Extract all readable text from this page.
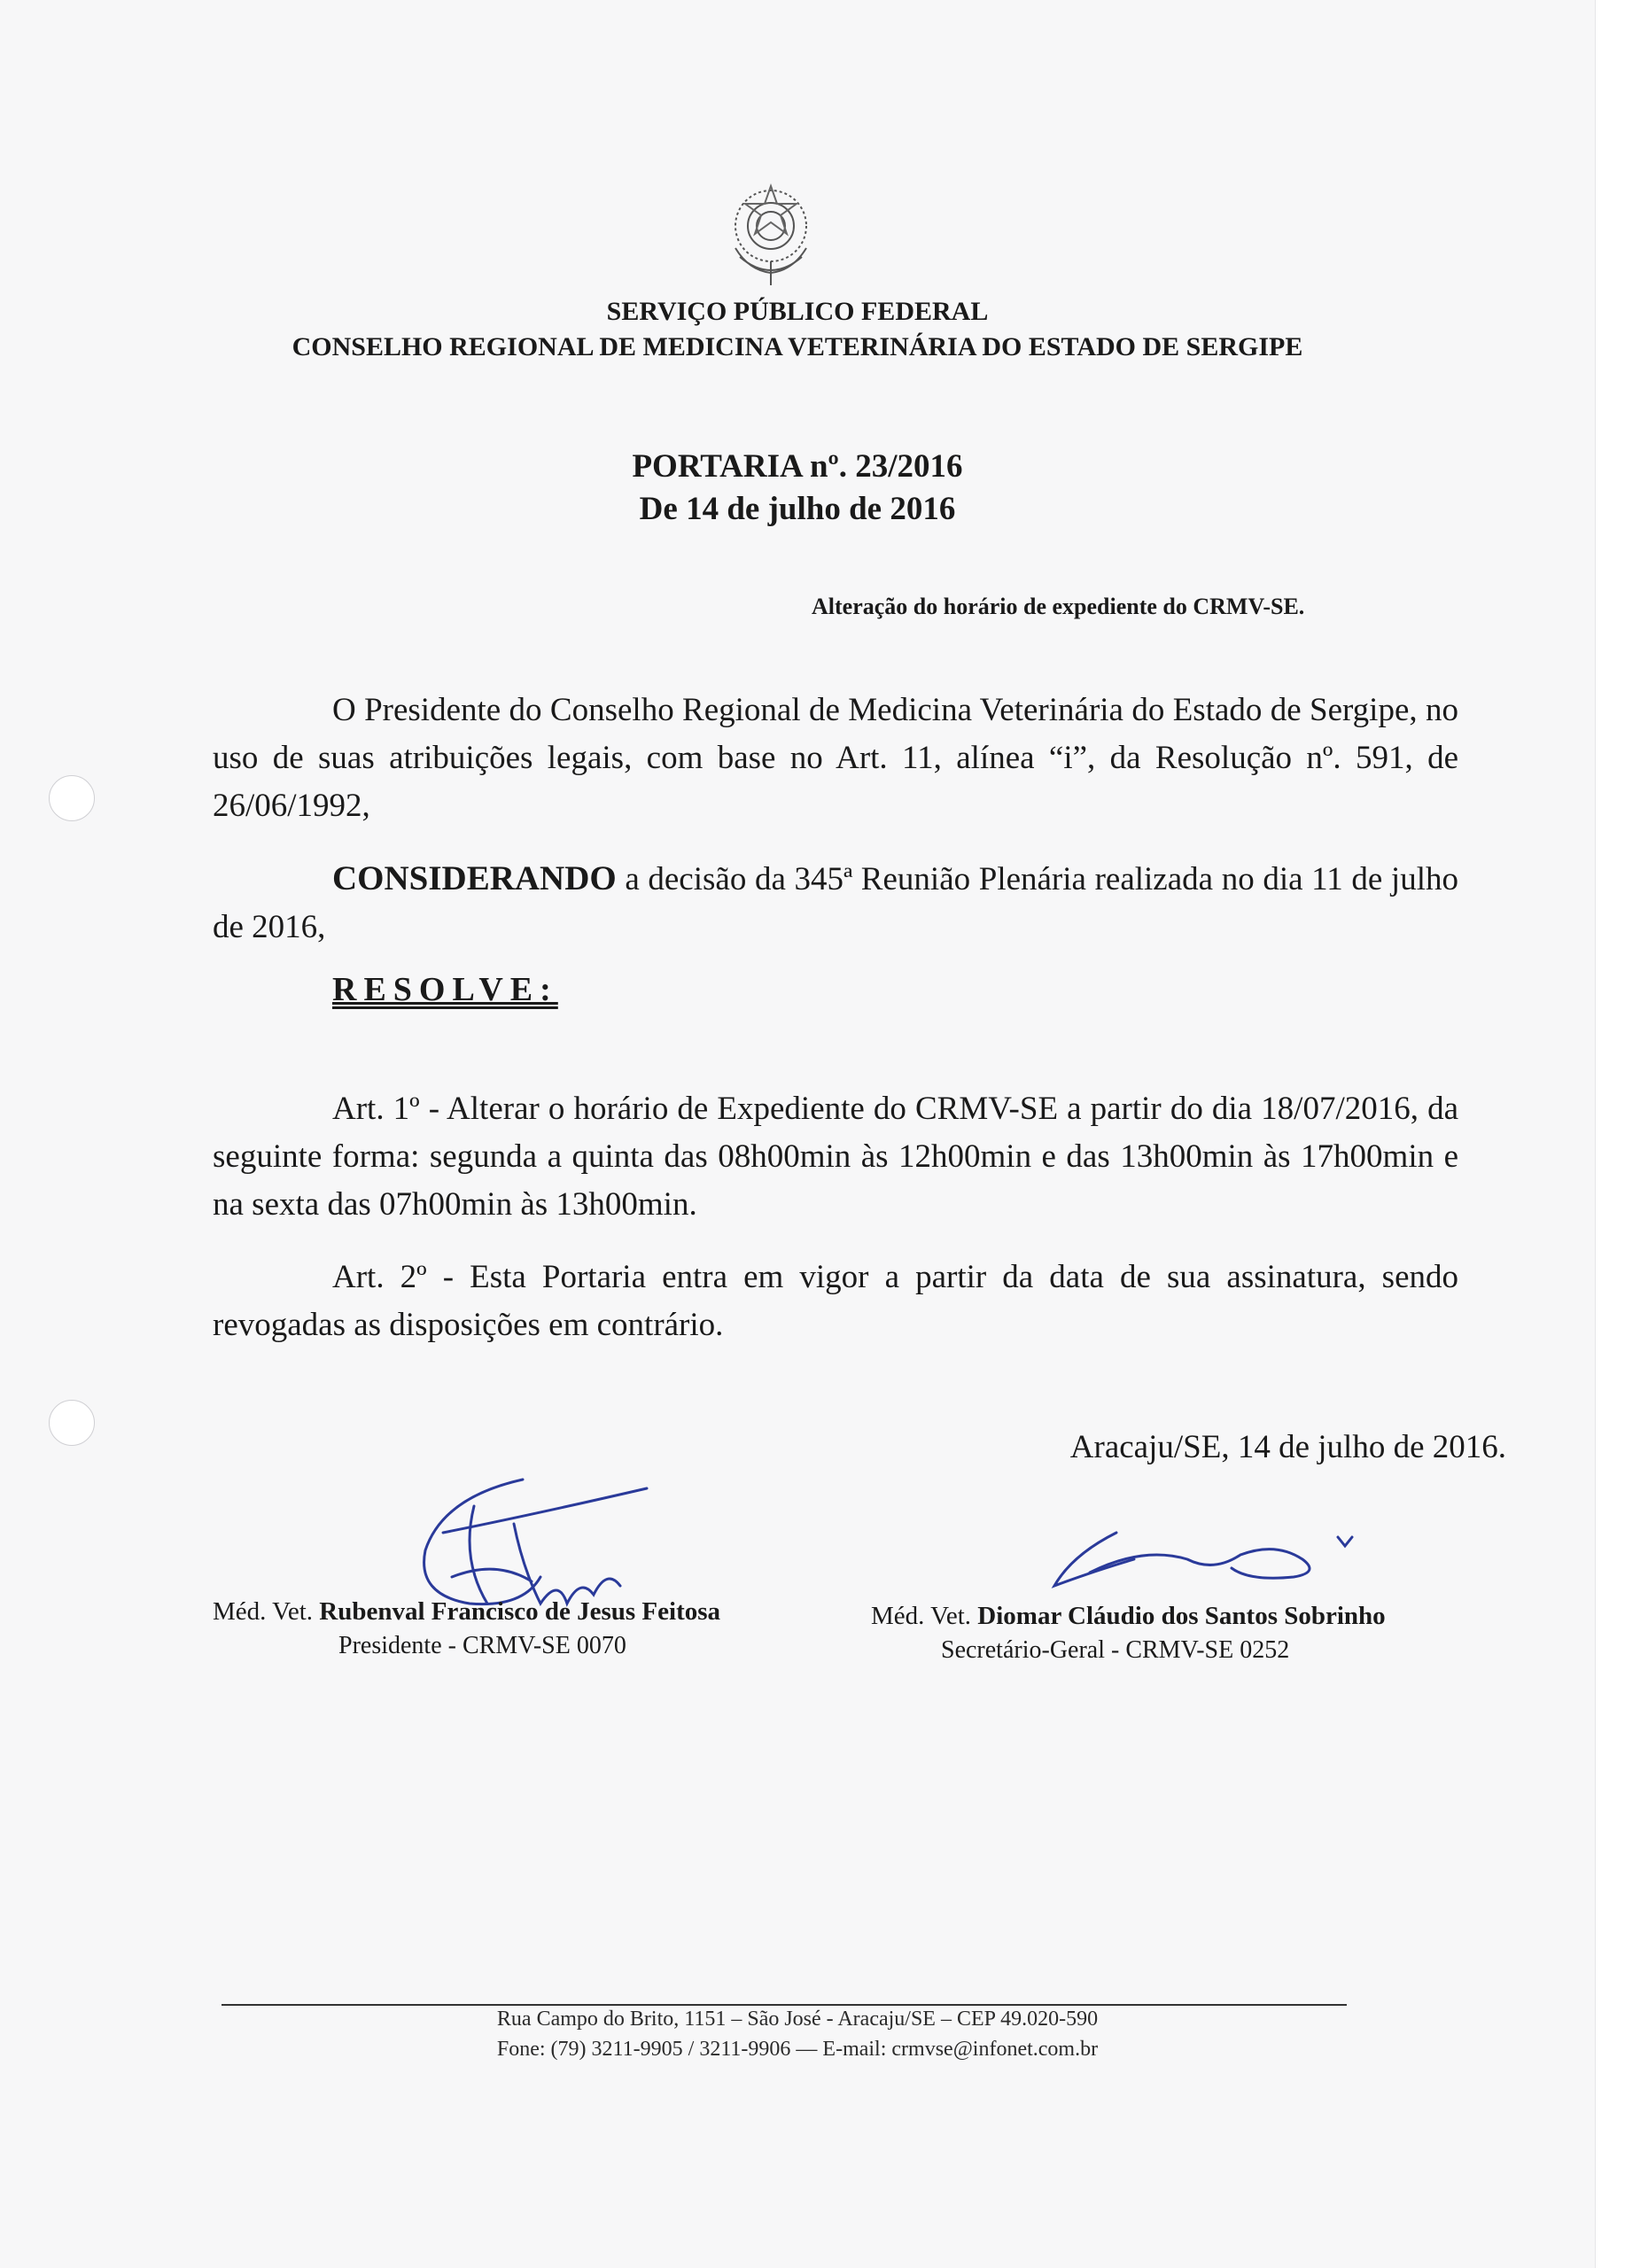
SERVIÇO PÚBLICO FEDERAL
CONSELHO REGIONAL DE MEDICINA VETERINÁRIA DO ESTADO DE SERGIPE
PORTARIA nº. 23/2016
De 14 de julho de 2016
Alteração do horário de expediente do CRMV-SE.
O Presidente do Conselho Regional de Medicina Veterinária do Estado de Sergipe, no uso de suas atribuições legais, com base no Art. 11, alínea “i”, da Resolução nº. 591, de 26/06/1992,
CONSIDERANDO a decisão da 345ª Reunião Plenária realizada no dia 11 de julho de 2016,
RESOLVE:
Art. 1º - Alterar o horário de Expediente do CRMV-SE a partir do dia 18/07/2016, da seguinte forma: segunda a quinta das 08h00min às 12h00min e das 13h00min às 17h00min e na sexta das 07h00min às 13h00min.
Art. 2º - Esta Portaria entra em vigor a partir da data de sua assinatura, sendo revogadas as disposições em contrário.
Aracaju/SE, 14 de julho de 2016.
Méd. Vet. Rubenval Francisco de Jesus Feitosa
Presidente - CRMV-SE 0070
Méd. Vet. Diomar Cláudio dos Santos Sobrinho
Secretário-Geral - CRMV-SE 0252
Rua Campo do Brito, 1151 – São José - Aracaju/SE – CEP 49.020-590
Fone: (79) 3211-9905 / 3211-9906 — E-mail: crmvse@infonet.com.br
